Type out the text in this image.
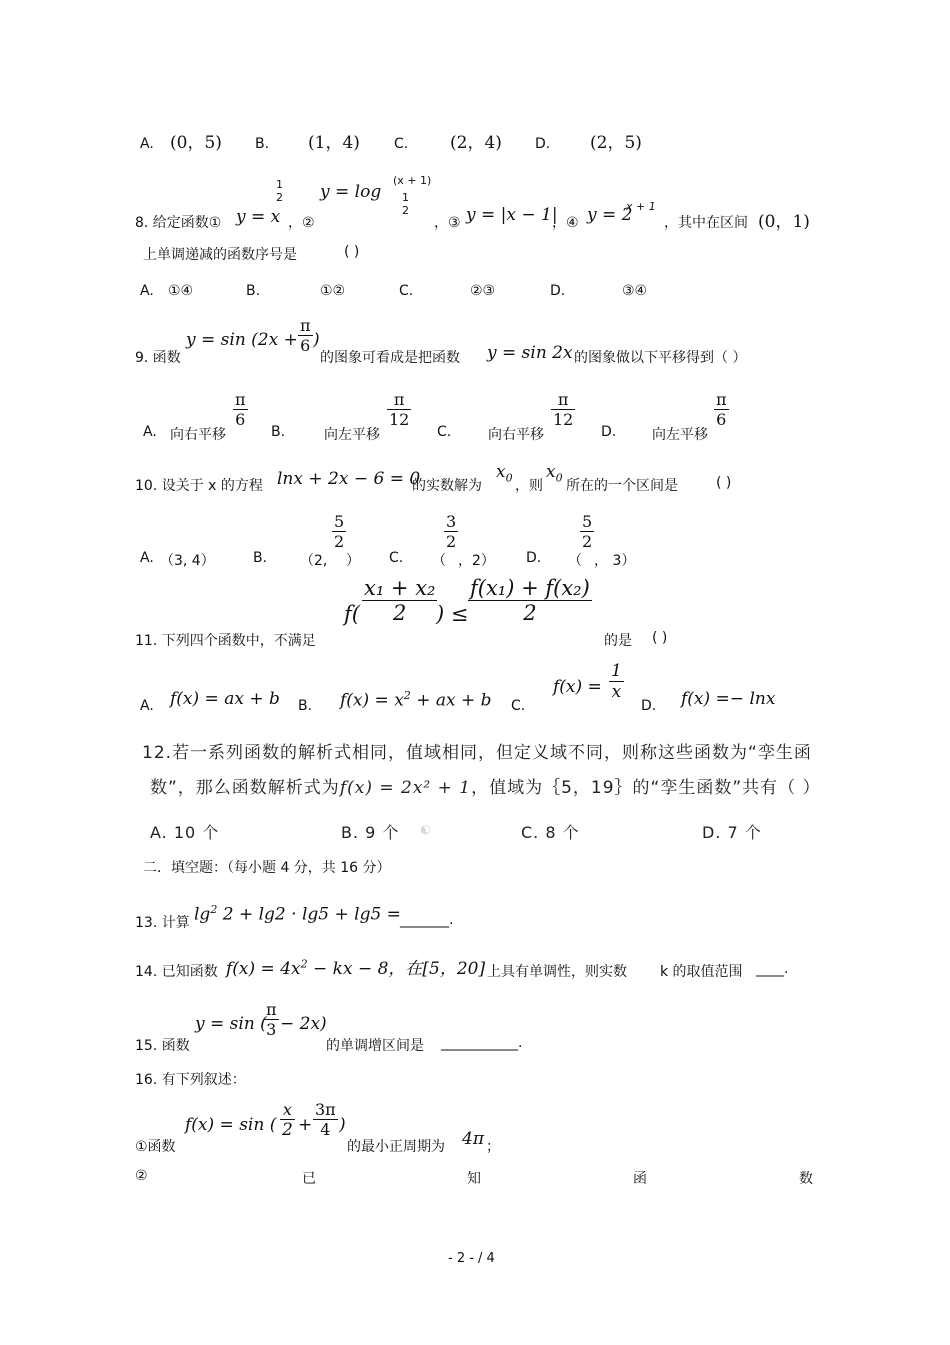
A. (0，5) B. (1，4) C. (2，4) D. (2，5)
8. 给定函数① y = x
1
2
，②
y = log
(x + 1)
1
2
，③ y = |x − 1|
，④ y = 2
x + 1
，其中在区间 (0，1)
上单调递减的函数序号是	( )
A. ①④	B.	①②	C.	②③	D.	③④
9. 函数
$y = \sin (2x + \frac{\pi}{6}$ )
的图象可看成是把函数 y = sin 2x 的图象做以下平移得到（ ）
A. 向右平移
$\frac{\pi}{6}$
B.	向左平移
$\frac{\pi}{12}$
C.	向右平移
$\frac{\pi}{12}$
D.	向左平移
$\frac{\pi}{6}$
10. 设关于 x 的方程 lnx + 2x − 6 = 0
的实数解为
$x_0$
，则
$x_0$
所在的一个区间是	( )
A. （3, 4）	B. （2,
$\frac{5}{2}$
） C. （
$\frac{3}{2}$
，2） D. （
$\frac{5}{2}$
， 3）
11. 下列四个函数中，不满足
$f( \frac{\text{x₁ + x₂}}{2}$
) ≤ $\frac{\text{f(x₁) + f(x₂)}}{2}$
的是 ( )
A. f(x) = ax + b B. $f(x) = x^2$ + ax + b C.
$f(x) = \frac{1}{x}$
D. f(x) =− lnx
12.若一系列函数的解析式相同，值域相同，但定义域不同，则称这些函数为“孪生函
数”，那么函数解析式为f(x) = 2x² + 1，值域为｛5，19｝的“孪生函数”共有（ ）
A. 10 个	B. 9 个	C. 8 个	D. 7 个
◐
二．填空题：（每小题 4 分，共 16 分）
13. 计算 $\lg^2 2 + \lg 2 \cdot \lg 5 + \lg 5$ = _______.
14. 已知函数 $f(x) = 4x^2$ − kx − 8，在[5，20] 上具有单调性，则实数 k 的取值范围 ____.
15. 函数
y = sin (
$\frac{\pi}{3} - 2x$)
的单调增区间是 ___________.
16. 有下列叙述：
①函数
f(x) = sin ( $\frac{x}{2} + \frac{3\pi}{4}$ )
的最小正周期为 4π ；
②	已	知	函	数
- 2 - / 4
